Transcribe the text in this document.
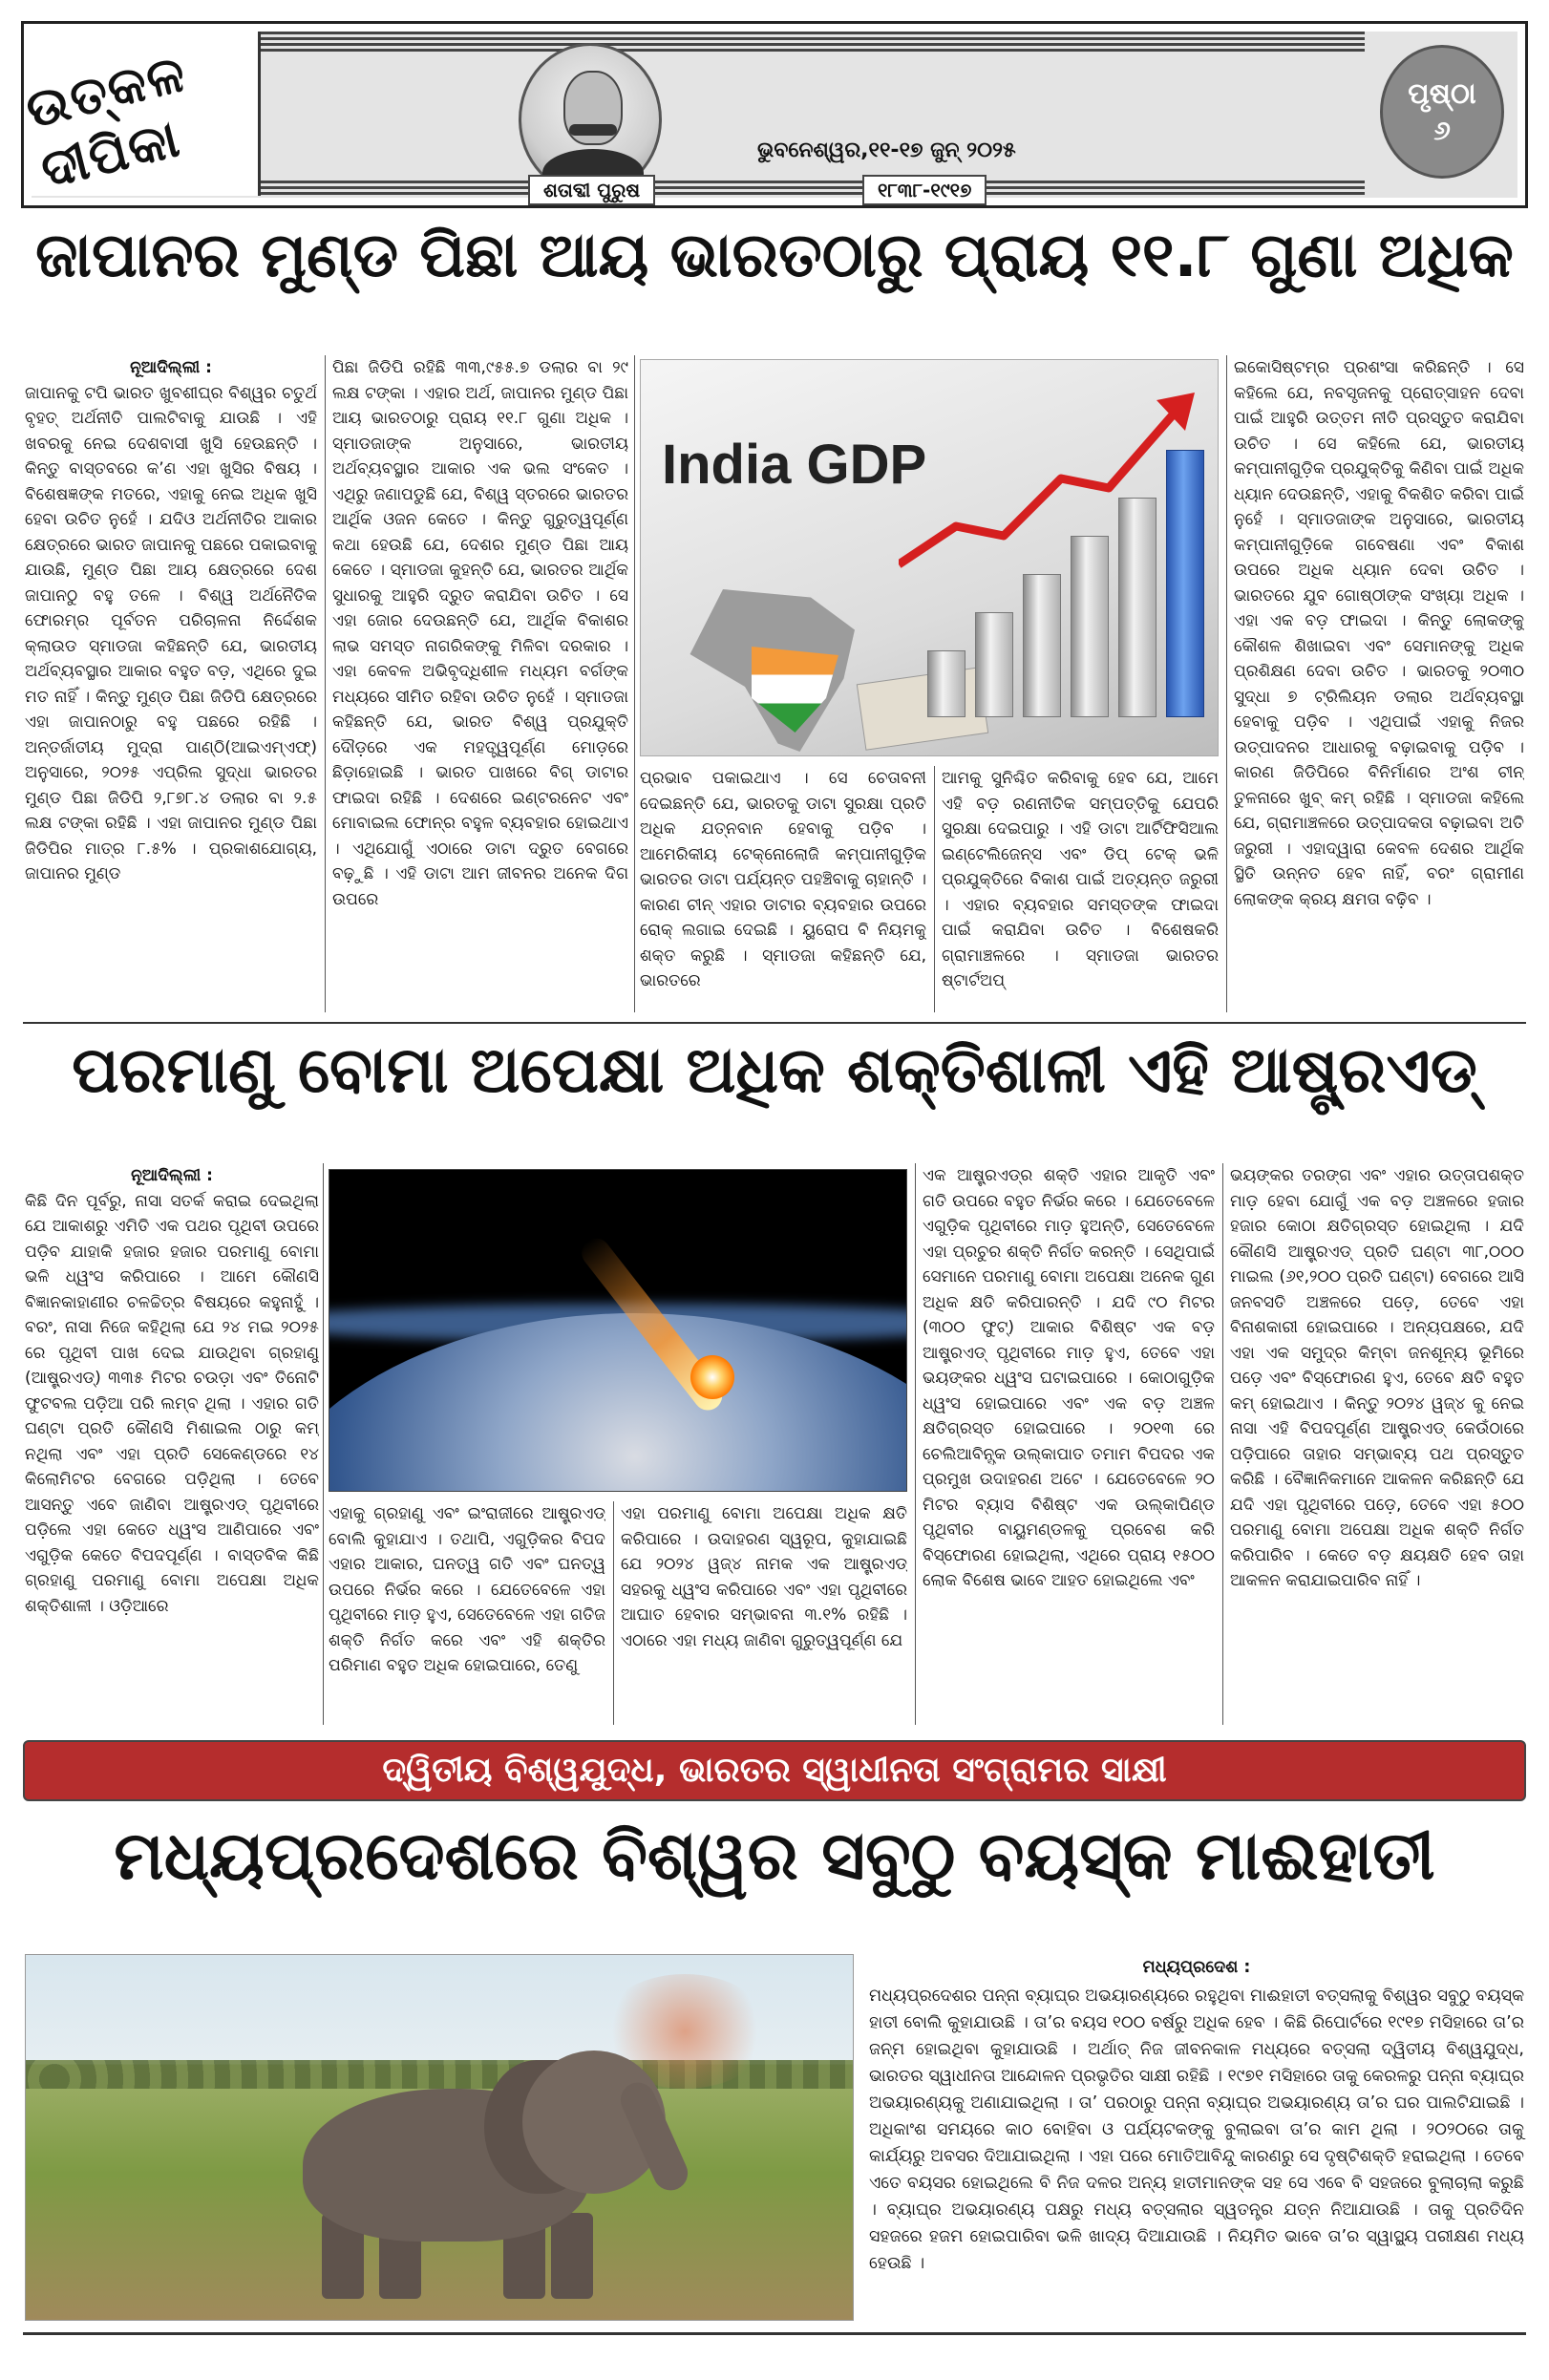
ଉତ୍କଳ ଦୀପିକା	ଶତାବ୍ଦୀ ପୁରୁଷ	୧୮୩୮-୧୯୧୭
ଭୁବନେଶ୍ୱର,୧୧-୧୭ ଜୁନ୍ ୨୦୨୫
ପୃଷ୍ଠା
୬
ଜାପାନର ମୁଣ୍ଡ ପିଛା ଆୟ ଭାରତଠାରୁ ପ୍ରାୟ ୧୧.୮ ଗୁଣା ଅଧିକ
ନୂଆଦିଲ୍ଲୀ :
ଜାପାନକୁ ଟପି ଭାରତ ଖୁବଶୀଘ୍ର ବିଶ୍ୱର ଚତୁର୍ଥ ବୃହତ୍ ଅର୍ଥନୀତି ପାଲଟିବାକୁ ଯାଉଛି । ଏହି ଖବରକୁ ନେଇ ଦେଶବାସୀ ଖୁସି ହେଉଛନ୍ତି । କିନ୍ତୁ ବାସ୍ତବରେ କ’ଣ ଏହା ଖୁସିର ବିଷୟ । ବିଶେଷଜ୍ଞଙ୍କ ମତରେ, ଏହାକୁ ନେଇ ଅଧିକ ଖୁସି ହେବା ଉଚିତ ନୁହେଁ । ଯଦିଓ ଅର୍ଥନୀତିର ଆକାର କ୍ଷେତ୍ରରେ ଭାରତ ଜାପାନକୁ ପଛରେ ପକାଇବାକୁ ଯାଉଛି, ମୁଣ୍ଡ ପିଛା ଆୟ କ୍ଷେତ୍ରରେ ଦେଶ ଜାପାନଠୁ ବହୁ ତଳେ । ବିଶ୍ୱ ଅର୍ଥନୈତିକ ଫୋରମ୍‌ର ପୂର୍ବତନ ପରିଚାଳନା ନିର୍ଦ୍ଦେଶକ କ୍ଲାଉଡ ସ୍ମାଡଜା କହିଛନ୍ତି ଯେ, ଭାରତୀୟ ଅର୍ଥବ୍ୟବସ୍ଥାର ଆକାର ବହୁତ ବଡ଼, ଏଥିରେ ଦୁଇ ମତ ନାହିଁ । କିନ୍ତୁ ମୁଣ୍ଡ ପିଛା ଜିଡିପି କ୍ଷେତ୍ରରେ ଏହା ଜାପାନଠାରୁ ବହୁ ପଛରେ ରହିଛି । ଅନ୍ତର୍ଜାତୀୟ ମୁଦ୍ରା ପାଣ୍ଠି(ଆଇଏମ୍‌ଏଫ୍) ଅନୁସାରେ, ୨୦୨୫ ଏପ୍ରିଲ ସୁଦ୍ଧା ଭାରତର ମୁଣ୍ଡ ପିଛା ଜିଡିପି ୨,୮୭୮.୪ ଡଲାର ବା ୨.୫ ଲକ୍ଷ ଟଙ୍କା ରହିଛି । ଏହା ଜାପାନର ମୁଣ୍ଡ ପିଛା ଜିଡିପିର ମାତ୍ର ୮.୫% । ପ୍ରକାଶଯୋଗ୍ୟ, ଜାପାନର ମୁଣ୍ଡ
ପିଛା ଜିଡିପି ରହିଛି ୩୩,୯୫୫.୭ ଡଲାର ବା ୨୯ ଲକ୍ଷ ଟଙ୍କା । ଏହାର ଅର୍ଥ, ଜାପାନର ମୁଣ୍ଡ ପିଛା ଆୟ ଭାରତଠାରୁ ପ୍ରାୟ ୧୧.୮ ଗୁଣା ଅଧିକ । ସ୍ମାଡଜାଙ୍କ ଅନୁସାରେ, ଭାରତୀୟ ଅର୍ଥବ୍ୟବସ୍ଥାର ଆକାର ଏକ ଭଲ ସଂକେତ । ଏଥିରୁ ଜଣାପଡୁଛି ଯେ, ବିଶ୍ୱ ସ୍ତରରେ ଭାରତର ଆର୍ଥିକ ଓଜନ କେତେ । କିନ୍ତୁ ଗୁରୁତ୍ୱପୂର୍ଣ୍ଣ କଥା ହେଉଛି ଯେ, ଦେଶର ମୁଣ୍ଡ ପିଛା ଆୟ କେତେ । ସ୍ମାଡଜା କୁହନ୍ତି ଯେ, ଭାରତର ଆର୍ଥିକ ସୁଧାରକୁ ଆହୁରି ଦ୍ରୁତ କରାଯିବା ଉଚିତ । ସେ ଏହା ଜୋର ଦେଉଛନ୍ତି ଯେ, ଆର୍ଥିକ ବିକାଶର ଲାଭ ସମସ୍ତ ନାଗରିକଙ୍କୁ ମିଳିବା ଦରକାର । ଏହା କେବଳ ଅଭିବୃଦ୍ଧିଶୀଳ ମଧ୍ୟମ ବର୍ଗଙ୍କ ମଧ୍ୟରେ ସୀମିତ ରହିବା ଉଚିତ ନୁହେଁ । ସ୍ମାଡଜା କହିଛନ୍ତି ଯେ, ଭାରତ ବିଶ୍ୱ ପ୍ରଯୁକ୍ତି ଦୌଡ଼ରେ ଏକ ମହତ୍ତ୍ୱପୂର୍ଣ୍ଣ ମୋଡ଼ରେ ଛିଡ଼ାହୋଇଛି । ଭାରତ ପାଖରେ ବିଗ୍ ଡାଟାର ଫାଇଦା ରହିଛି । ଦେଶରେ ଇଣ୍ଟରନେଟ ଏବଂ ମୋବାଇଲ ଫୋନ୍‌ର ବହୁଳ ବ୍ୟବହାର ହୋଇଥାଏ । ଏଥିଯୋଗୁଁ ଏଠାରେ ଡାଟା ଦ୍ରୁତ ବେଗରେ ବଢ଼ୁଛି । ଏହି ଡାଟା ଆମ ଜୀବନର ଅନେକ ଦିଗ ଉପରେ
India GDP
ପ୍ରଭାବ ପକାଇଥାଏ । ସେ ଚେତାବନୀ ଦେଇଛନ୍ତି ଯେ, ଭାରତକୁ ଡାଟା ସୁରକ୍ଷା ପ୍ରତି ଅଧିକ ଯତ୍ନବାନ ହେବାକୁ ପଡ଼ିବ । ଆମେରିକୀୟ ଟେକ୍‌ନୋଲୋଜି କମ୍ପାନୀଗୁଡ଼ିକ ଭାରତର ଡାଟା ପର୍ଯ୍ୟନ୍ତ ପହଞ୍ଚିବାକୁ ଚାହାନ୍ତି । କାରଣ ଚୀନ୍ ଏହାର ଡାଟାର ବ୍ୟବହାର ଉପରେ ରୋକ୍ ଲଗାଇ ଦେଇଛି । ୟୁରୋପ ବି ନିୟମକୁ ଶକ୍ତ କରୁଛି । ସ୍ମାଡଜା କହିଛନ୍ତି ଯେ, ଭାରତରେ
ଆମକୁ ସୁନିଶ୍ଚିତ କରିବାକୁ ହେବ ଯେ, ଆମେ ଏହି ବଡ଼ ରଣନୀତିକ ସମ୍ପତ୍ତିକୁ ଯେପରି ସୁରକ୍ଷା ଦେଇପାରୁ । ଏହି ଡାଟା ଆର୍ଟିଫିସିଆଲ ଇଣ୍ଟେଲିଜେନ୍ସ ଏବଂ ଡିପ୍ ଟେକ୍ ଭଳି ପ୍ରଯୁକ୍ତିରେ ବିକାଶ ପାଇଁ ଅତ୍ୟନ୍ତ ଜରୁରୀ । ଏହାର ବ୍ୟବହାର ସମସ୍ତଙ୍କ ଫାଇଦା ପାଇଁ କରାଯିବା ଉଚିତ । ବିଶେଷକରି ଗ୍ରାମାଞ୍ଚଳରେ । ସ୍ମାଡଜା ଭାରତର ଷ୍ଟାର୍ଟଅପ୍
ଇକୋସିଷ୍ଟମ୍‌ର ପ୍ରଶଂସା କରିଛନ୍ତି । ସେ କହିଲେ ଯେ, ନବସୃଜନକୁ ପ୍ରୋତ୍ସାହନ ଦେବା ପାଇଁ ଆହୁରି ଉତ୍ତମ ନୀତି ପ୍ରସ୍ତୁତ କରାଯିବା ଉଚିତ । ସେ କହିଲେ ଯେ, ଭାରତୀୟ କମ୍ପାନୀଗୁଡ଼ିକ ପ୍ରଯୁକ୍ତିକୁ କିଣିବା ପାଇଁ ଅଧିକ ଧ୍ୟାନ ଦେଉଛନ୍ତି, ଏହାକୁ ବିକଶିତ କରିବା ପାଇଁ ନୁହେଁ । ସ୍ମାଡଜାଙ୍କ ଅନୁସାରେ, ଭାରତୀୟ କମ୍ପାନୀଗୁଡ଼ିକେ ଗବେଷଣା ଏବଂ ବିକାଶ ଉପରେ ଅଧିକ ଧ୍ୟାନ ଦେବା ଉଚିତ । ଭାରତରେ ଯୁବ ଗୋଷ୍ଠୀଙ୍କ ସଂଖ୍ୟା ଅଧିକ । ଏହା ଏକ ବଡ଼ ଫାଇଦା । କିନ୍ତୁ ଲୋକଙ୍କୁ କୌଶଳ ଶିଖାଇବା ଏବଂ ସେମାନଙ୍କୁ ଅଧିକ ପ୍ରଶିକ୍ଷଣ ଦେବା ଉଚିତ । ଭାରତକୁ ୨୦୩୦ ସୁଦ୍ଧା ୭ ଟ୍ରିଲିୟନ ଡଲାର ଅର୍ଥବ୍ୟବସ୍ଥା ହେବାକୁ ପଡ଼ିବ । ଏଥିପାଇଁ ଏହାକୁ ନିଜର ଉତ୍ପାଦନର ଆଧାରକୁ ବଢ଼ାଇବାକୁ ପଡ଼ିବ । କାରଣ ଜିଡିପିରେ ବିନିର୍ମାଣର ଅଂଶ ଚୀନ୍ ତୁଳନାରେ ଖୁବ୍ କମ୍ ରହିଛି । ସ୍ମାଡଜା କହିଲେ ଯେ, ଗ୍ରାମାଞ୍ଚଳରେ ଉତ୍ପାଦକତା ବଢ଼ାଇବା ଅତି ଜରୁରୀ । ଏହାଦ୍ୱାରା କେବଳ ଦେଶର ଆର୍ଥିକ ସ୍ଥିତି ଉନ୍ନତ ହେବ ନାହିଁ, ବରଂ ଗ୍ରାମୀଣ ଲୋକଙ୍କ କ୍ରୟ କ୍ଷମତା ବଢ଼ିବ ।
ପରମାଣୁ ବୋମା ଅପେକ୍ଷା ଅଧିକ ଶକ୍ତିଶାଳୀ ଏହି ଆଷ୍ଟ୍ରଏଡ୍
ନୂଆଦିଲ୍ଲୀ :
କିଛି ଦିନ ପୂର୍ବରୁ, ନାସା ସତର୍କ କରାଇ ଦେଇଥିଲା ଯେ ଆକାଶରୁ ଏମିତି ଏକ ପଥର ପୃଥିବୀ ଉପରେ ପଡ଼ିବ ଯାହାକି ହଜାର ହଜାର ପରମାଣୁ ବୋମା ଭଳି ଧ୍ୱଂସ କରିପାରେ । ଆମେ କୌଣସି ବିଜ୍ଞାନକାହାଣୀର ଚଳଚ୍ଚିତ୍ର ବିଷୟରେ କହୁନାହୁଁ । ବରଂ, ନାସା ନିଜେ କହିଥିଲା ଯେ ୨୪ ମଇ ୨୦୨୫ ରେ ପୃଥିବୀ ପାଖ ଦେଇ ଯାଉଥିବା ଗ୍ରହାଣୁ (ଆଷ୍ଟ୍ରଏଡ୍) ୩୩୫ ମିଟର ଚଉଡ଼ା ଏବଂ ତିନୋଟି ଫୁଟବଲ ପଡ଼ିଆ ପରି ଲମ୍ବ ଥିଲା । ଏହାର ଗତି ଘଣ୍ଟା ପ୍ରତି କୌଣସି ମିଶାଇଲ ଠାରୁ କମ୍ ନଥିଲା ଏବଂ ଏହା ପ୍ରତି ସେକେଣ୍ଡରେ ୧୪ କିଲୋମିଟର ବେଗରେ ପଡ଼ିଥିଲା । ତେବେ ଆସନ୍ତୁ ଏବେ ଜାଣିବା ଆଷ୍ଟ୍ରଏଡ୍ ପୃଥିବୀରେ ପଡ଼ିଲେ ଏହା କେତେ ଧ୍ୱଂସ ଆଣିପାରେ ଏବଂ ଏଗୁଡ଼ିକ କେତେ ବିପଦପୂର୍ଣ୍ଣ । ବାସ୍ତବିକ କିଛି ଗ୍ରହାଣୁ ପରମାଣୁ ବୋମା ଅପେକ୍ଷା ଅଧିକ ଶକ୍ତିଶାଳୀ । ଓଡ଼ିଆରେ
ଏହାକୁ ଗ୍ରହାଣୁ ଏବଂ ଇଂରାଜୀରେ ଆଷ୍ଟ୍ରଏଡ୍ ବୋଲି କୁହାଯାଏ । ତଥାପି, ଏଗୁଡ଼ିକର ବିପଦ ଏହାର ଆକାର, ଘନତ୍ୱ ଗତି ଏବଂ ଘନତ୍ୱ ଉପରେ ନିର୍ଭର କରେ । ଯେତେବେଳେ ଏହା ପୃଥିବୀରେ ମାଡ଼ ହୁଏ, ସେତେବେଳେ ଏହା ଗତିଜ ଶକ୍ତି ନିର୍ଗତ କରେ ଏବଂ ଏହି ଶକ୍ତିର ପରିମାଣ ବହୁତ ଅଧିକ ହୋଇପାରେ, ତେଣୁ
ଏହା ପରମାଣୁ ବୋମା ଅପେକ୍ଷା ଅଧିକ କ୍ଷତି କରିପାରେ । ଉଦାହରଣ ସ୍ୱରୂପ, କୁହାଯାଇଛି ଯେ ୨୦୨୪ ୱଜ୍‌୪ ନାମକ ଏକ ଆଷ୍ଟ୍ରଏଡ୍ ସହରକୁ ଧ୍ୱଂସ କରିପାରେ ଏବଂ ଏହା ପୃଥିବୀରେ ଆଘାତ ହେବାର ସମ୍ଭାବନା ୩.୧% ରହିଛି । ଏଠାରେ ଏହା ମଧ୍ୟ ଜାଣିବା ଗୁରୁତ୍ୱପୂର୍ଣ୍ଣ ଯେ
ଏକ ଆଷ୍ଟ୍ରଏଡ୍‌ର ଶକ୍ତି ଏହାର ଆକୃତି ଏବଂ ଗତି ଉପରେ ବହୁତ ନିର୍ଭର କରେ । ଯେତେବେଳେ ଏଗୁଡ଼ିକ ପୃଥିବୀରେ ମାଡ଼ ହୁଅନ୍ତି, ସେତେବେଳେ ଏହା ପ୍ରଚୁର ଶକ୍ତି ନିର୍ଗତ କରନ୍ତି । ସେଥିପାଇଁ ସେମାନେ ପରମାଣୁ ବୋମା ଅପେକ୍ଷା ଅନେକ ଗୁଣ ଅଧିକ କ୍ଷତି କରିପାରନ୍ତି । ଯଦି ୯୦ ମିଟର (୩୦୦ ଫୁଟ୍) ଆକାର ବିଶିଷ୍ଟ ଏକ ବଡ଼ ଆଷ୍ଟ୍ରଏଡ୍ ପୃଥିବୀରେ ମାଡ଼ ହୁଏ, ତେବେ ଏହା ଭୟଙ୍କର ଧ୍ୱଂସ ଘଟାଇପାରେ । କୋଠାଗୁଡ଼ିକ ଧ୍ୱଂସ ହୋଇପାରେ ଏବଂ ଏକ ବଡ଼ ଅଞ୍ଚଳ କ୍ଷତିଗ୍ରସ୍ତ ହୋଇପାରେ । ୨୦୧୩ ରେ ଚେଲିଆବିନ୍ସ୍କ ଉଲ୍କାପାତ ତମାମ ବିପଦର ଏକ ପ୍ରମୁଖ ଉଦାହରଣ ଅଟେ । ଯେତେବେଳେ ୨୦ ମିଟର ବ୍ୟାସ ବିଶିଷ୍ଟ ଏକ ଉଲ୍କାପିଣ୍ଡ ପୃଥିବୀର ବାୟୁମଣ୍ଡଳକୁ ପ୍ରବେଶ କରି ବିସ୍ଫୋରଣ ହୋଇଥିଲା, ଏଥିରେ ପ୍ରାୟ ୧୫୦୦ ଲୋକ ବିଶେଷ ଭାବେ ଆହତ ହୋଇଥିଲେ ଏବଂ
ଭୟଙ୍କର ତରଙ୍ଗ ଏବଂ ଏହାର ଉତ୍ତାପଶକ୍ତ ମାଡ଼ ହେବା ଯୋଗୁଁ ଏକ ବଡ଼ ଅଞ୍ଚଳରେ ହଜାର ହଜାର କୋଠା କ୍ଷତିଗ୍ରସ୍ତ ହୋଇଥିଲା । ଯଦି କୌଣସି ଆଷ୍ଟ୍ରଏଡ୍ ପ୍ରତି ଘଣ୍ଟା ୩୮,୦୦୦ ମାଇଲ (୬୧,୨୦୦ ପ୍ରତି ଘଣ୍ଟା) ବେଗରେ ଆସି ଜନବସତି ଅଞ୍ଚଳରେ ପଡ଼େ, ତେବେ ଏହା ବିନାଶକାରୀ ହୋଇପାରେ । ଅନ୍ୟପକ୍ଷରେ, ଯଦି ଏହା ଏକ ସମୁଦ୍ର କିମ୍ବା ଜନଶୂନ୍ୟ ଭୂମିରେ ପଡ଼େ ଏବଂ ବିସ୍ଫୋରଣ ହୁଏ, ତେବେ କ୍ଷତି ବହୁତ କମ୍ ହୋଇଥାଏ । କିନ୍ତୁ ୨୦୨୪ ୱଜ୍‌୪ କୁ ନେଇ ନାସା ଏହି ବିପଦପୂର୍ଣ୍ଣ ଆଷ୍ଟ୍ରଏଡ୍ କେଉଁଠାରେ ପଡ଼ିପାରେ ତାହାର ସମ୍ଭାବ୍ୟ ପଥ ପ୍ରସ୍ତୁତ କରିଛି । ବୈଜ୍ଞାନିକମାନେ ଆକଳନ କରିଛନ୍ତି ଯେ ଯଦି ଏହା ପୃଥିବୀରେ ପଡ଼େ, ତେବେ ଏହା ୫୦୦ ପରମାଣୁ ବୋମା ଅପେକ୍ଷା ଅଧିକ ଶକ୍ତି ନିର୍ଗତ କରିପାରିବ । କେତେ ବଡ଼ କ୍ଷୟକ୍ଷତି ହେବ ତାହା ଆକଳନ କରାଯାଇପାରିବ ନାହିଁ ।
ଦ୍ୱିତୀୟ ବିଶ୍ୱଯୁଦ୍ଧ, ଭାରତର ସ୍ୱାଧୀନତା ସଂଗ୍ରାମର ସାକ୍ଷୀ
ମଧ୍ୟପ୍ରଦେଶରେ ବିଶ୍ୱର ସବୁଠୁ ବୟସ୍କ ମାଈହାତୀ
ମଧ୍ୟପ୍ରଦେଶ :
ମଧ୍ୟପ୍ରଦେଶର ପନ୍ନା ବ୍ୟାଘ୍ର ଅଭୟାରଣ୍ୟରେ ରହୁଥିବା ମାଈହାତୀ ବତ୍ସଲାକୁ ବିଶ୍ୱର ସବୁଠୁ ବୟସ୍କ ହାତୀ ବୋଲି କୁହାଯାଉଛି । ତା’ର ବୟସ ୧୦୦ ବର୍ଷରୁ ଅଧିକ ହେବ । କିଛି ରିପୋର୍ଟରେ ୧୯୧୭ ମସିହାରେ ତା’ର ଜନ୍ମ ହୋଇଥିବା କୁହାଯାଉଛି । ଅର୍ଥାତ୍ ନିଜ ଜୀବନକାଳ ମଧ୍ୟରେ ବତ୍ସଲା ଦ୍ୱିତୀୟ ବିଶ୍ୱଯୁଦ୍ଧ, ଭାରତର ସ୍ୱାଧୀନତା ଆନ୍ଦୋଳନ ପ୍ରଭୃତିର ସାକ୍ଷୀ ରହିଛି । ୧୯୭୧ ମସିହାରେ ତାକୁ କେରଳରୁ ପନ୍ନା ବ୍ୟାଘ୍ର ଅଭୟାରଣ୍ୟକୁ ଅଣାଯାଇଥିଲା । ତା’ ପରଠାରୁ ପନ୍ନା ବ୍ୟାଘ୍ର ଅଭୟାରଣ୍ୟ ତା’ର ଘର ପାଲଟିଯାଇଛି । ଅଧିକାଂଶ ସମୟରେ କାଠ ବୋହିବା ଓ ପର୍ଯ୍ୟଟକଙ୍କୁ ବୁଲାଇବା ତା’ର କାମ ଥିଲା । ୨୦୨୦ରେ ତାକୁ କାର୍ଯ୍ୟରୁ ଅବସର ଦିଆଯାଇଥିଲା । ଏହା ପରେ ମୋତିଆବିନ୍ଦୁ କାରଣରୁ ସେ ଦୃଷ୍ଟିଶକ୍ତି ହରାଇଥିଲା । ତେବେ ଏତେ ବୟସର ହୋଇଥିଲେ ବି ନିଜ ଦଳର ଅନ୍ୟ ହାତୀମାନଙ୍କ ସହ ସେ ଏବେ ବି ସହଜରେ ବୁଲାଚାଲା କରୁଛି । ବ୍ୟାଘ୍ର ଅଭୟାରଣ୍ୟ ପକ୍ଷରୁ ମଧ୍ୟ ବତ୍ସଲାର ସ୍ୱତନ୍ତ୍ର ଯତ୍ନ ନିଆଯାଉଛି । ତାକୁ ପ୍ରତିଦିନ ସହଜରେ ହଜମ ହୋଇପାରିବା ଭଳି ଖାଦ୍ୟ ଦିଆଯାଉଛି । ନିୟମିତ ଭାବେ ତା’ର ସ୍ୱାସ୍ଥ୍ୟ ପରୀକ୍ଷଣ ମଧ୍ୟ ହେଉଛି ।
